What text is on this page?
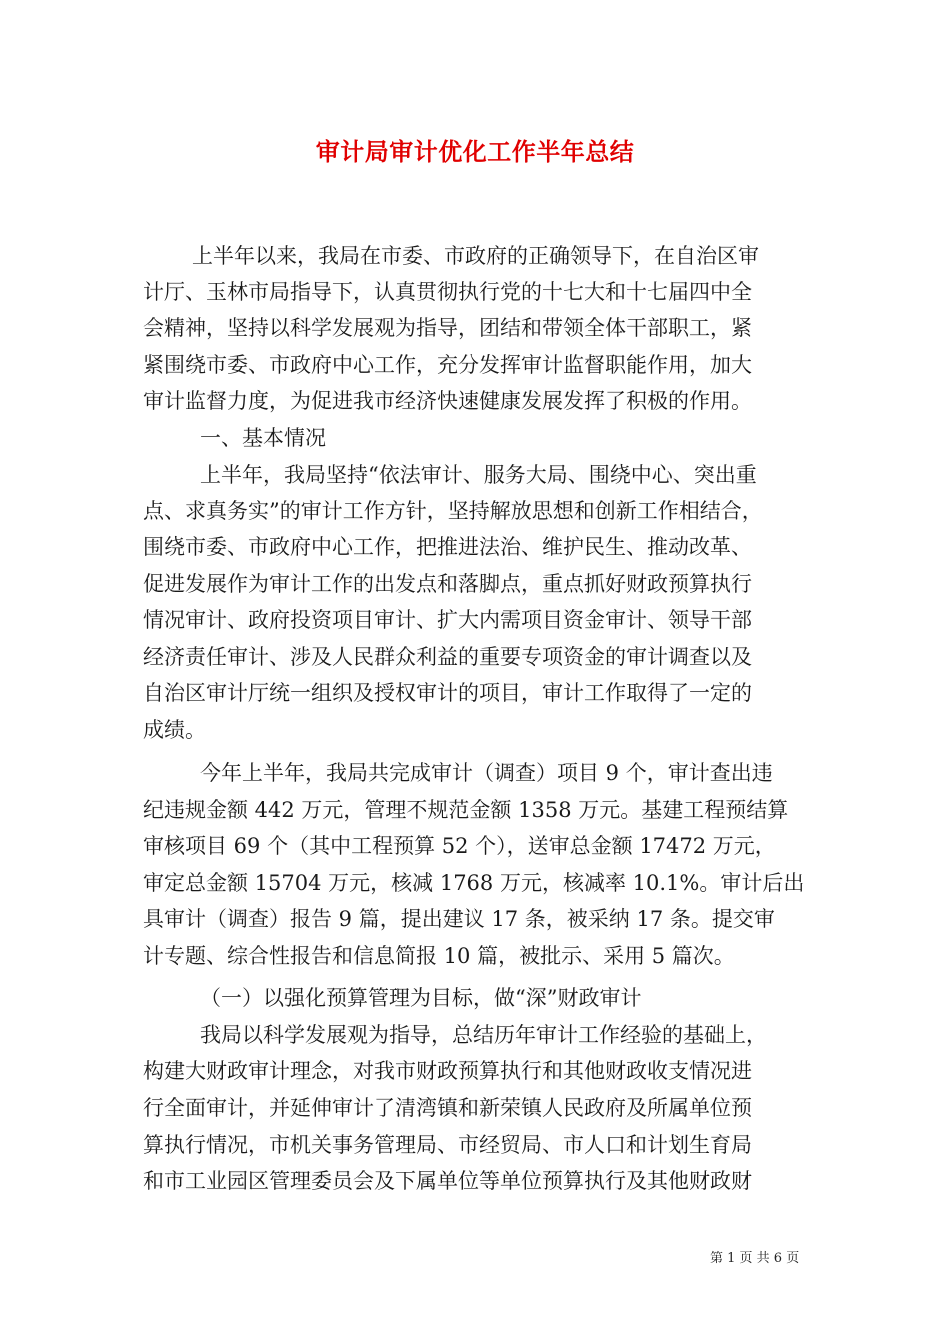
审计局审计优化工作半年总结
上半年以来，我局在市委、市政府的正确领导下，在自治区审
计厅、玉林市局指导下，认真贯彻执行党的十七大和十七届四中全
会精神，坚持以科学发展观为指导，团结和带领全体干部职工，紧
紧围绕市委、市政府中心工作，充分发挥审计监督职能作用，加大
审计监督力度，为促进我市经济快速健康发展发挥了积极的作用。
一、基本情况
上半年，我局坚持“依法审计、服务大局、围绕中心、突出重
点、求真务实”的审计工作方针，坚持解放思想和创新工作相结合，
围绕市委、市政府中心工作，把推进法治、维护民生、推动改革、
促进发展作为审计工作的出发点和落脚点，重点抓好财政预算执行
情况审计、政府投资项目审计、扩大内需项目资金审计、领导干部
经济责任审计、涉及人民群众利益的重要专项资金的审计调查以及
自治区审计厅统一组织及授权审计的项目，审计工作取得了一定的
成绩。
今年上半年，我局共完成审计（调查）项目 9 个，审计查出违
纪违规金额 442 万元，管理不规范金额 1358 万元。基建工程预结算
审核项目 69 个（其中工程预算 52 个），送审总金额 17472 万元，
审定总金额 15704 万元，核减 1768 万元，核减率 10.1%。审计后出
具审计（调查）报告 9 篇，提出建议 17 条，被采纳 17 条。提交审
计专题、综合性报告和信息简报 10 篇，被批示、采用 5 篇次。
（一）以强化预算管理为目标，做“深”财政审计
我局以科学发展观为指导，总结历年审计工作经验的基础上，
构建大财政审计理念，对我市财政预算执行和其他财政收支情况进
行全面审计，并延伸审计了清湾镇和新荣镇人民政府及所属单位预
算执行情况，市机关事务管理局、市经贸局、市人口和计划生育局
和市工业园区管理委员会及下属单位等单位预算执行及其他财政财
第 1 页 共 6 页
